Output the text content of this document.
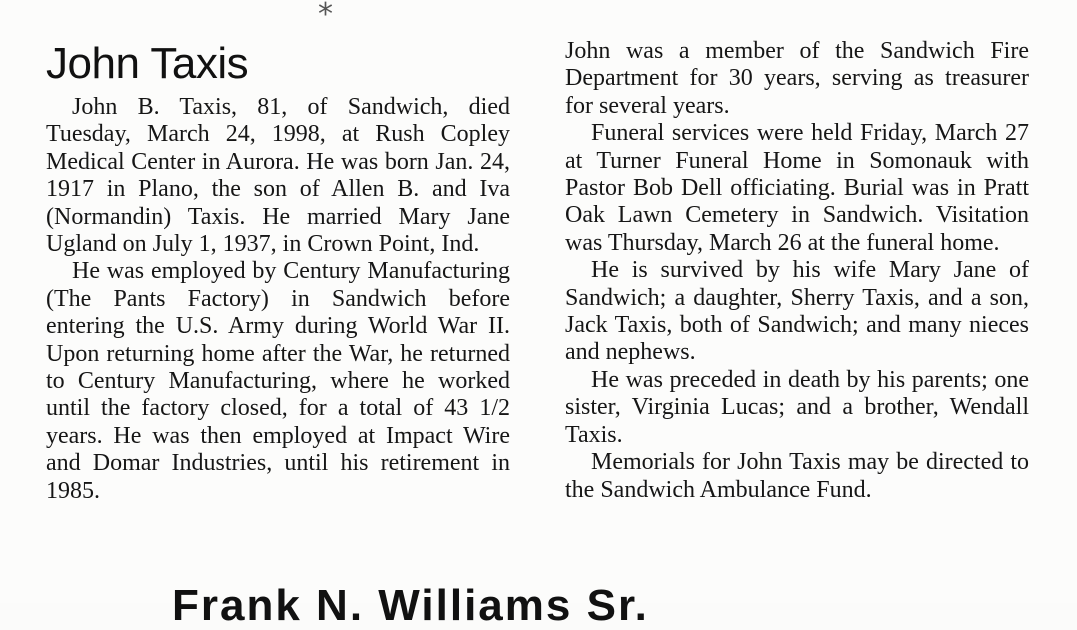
*
John Taxis

John B. Taxis, 81, of Sandwich, died Tuesday, March 24, 1998, at Rush Copley Medical Center in Aurora. He was born Jan. 24, 1917 in Plano, the son of Allen B. and Iva (Normandin) Taxis. He married Mary Jane Ugland on July 1, 1937, in Crown Point, Ind.

He was employed by Century Manufacturing (The Pants Factory) in Sandwich before entering the U.S. Army during World War II. Upon returning home after the War, he returned to Century Manufacturing, where he worked until the factory closed, for a total of 43 1/2 years. He was then employed at Impact Wire and Domar Industries, until his retirement in 1985.

John was a member of the Sandwich Fire Department for 30 years, serving as treasurer for several years.

Funeral services were held Friday, March 27 at Turner Funeral Home in Somonauk with Pastor Bob Dell officiating. Burial was in Pratt Oak Lawn Cemetery in Sandwich. Visitation was Thursday, March 26 at the funeral home.

He is survived by his wife Mary Jane of Sandwich; a daughter, Sherry Taxis, and a son, Jack Taxis, both of Sandwich; and many nieces and nephews.

He was preceded in death by his parents; one sister, Virginia Lucas; and a brother, Wendall Taxis.

Memorials for John Taxis may be directed to the Sandwich Ambulance Fund.

Frank N. Williams Sr.
